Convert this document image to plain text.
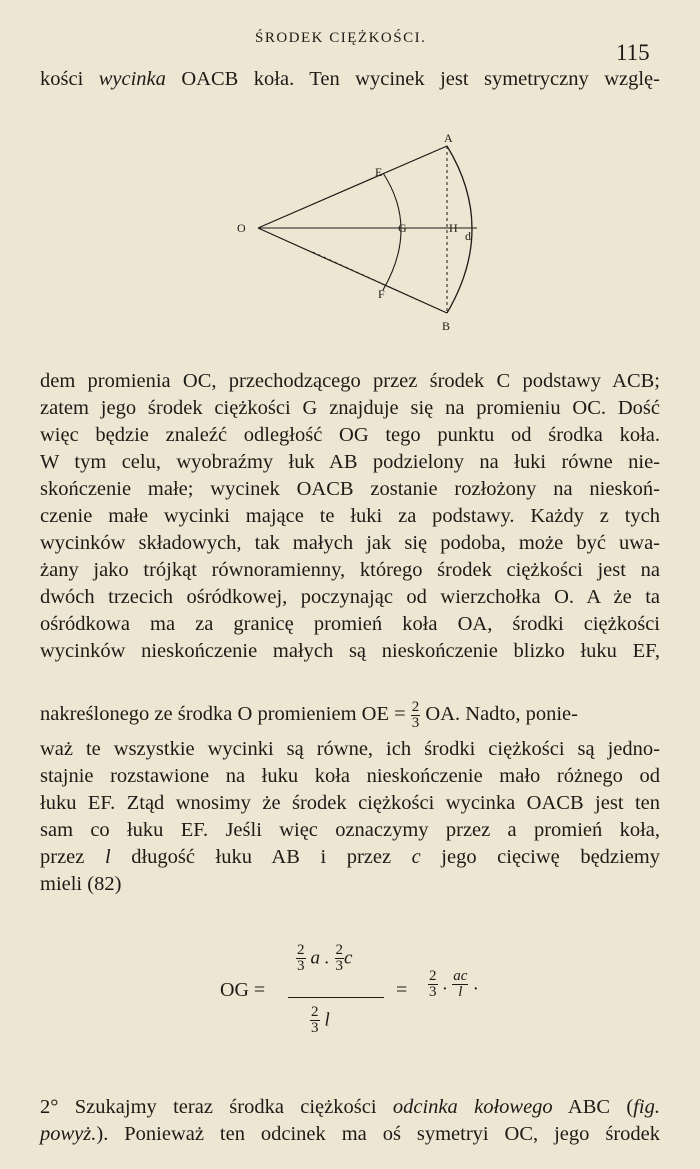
ŚRODEK CIĘŻKOŚCI.
115
kości wycinka OACB koła. Ten wycinek jest symetryczny wzglę-
A
E
O	G	H
d
F
B
dem promienia OC, przechodzącego przez środek C podstawy ACB;
zatem jego środek ciężkości G znajduje się na promieniu OC. Dość
więc będzie znaleźć odległość OG tego punktu od środka koła.
W tym celu, wyobraźmy łuk AB podzielony na łuki równe nie-
skończenie małe; wycinek OACB zostanie rozłożony na nieskoń-
czenie małe wycinki mające te łuki za podstawy. Każdy z tych
wycinków składowych, tak małych jak się podoba, może być uwa-
żany jako trójkąt równoramienny, którego środek ciężkości jest na
dwóch trzecich ośródkowej, poczynając od wierzchołka O. A że ta
ośródkowa ma za granicę promień koła OA, środki ciężkości
wycinków nieskończenie małych są nieskończenie blizko łuku EF,
nakreślonego ze środka O promieniem OE = $\frac{2}{3}$ OA. Nadto, ponie-
waż te wszystkie wycinki są równe, ich środki ciężkości są jedno-
stajnie rozstawione na łuku koła nieskończenie mało różnego od
łuku EF. Ztąd wnosimy że środek ciężkości wycinka OACB jest ten
sam co łuku EF. Jeśli więc oznaczymy przez a promień koła,
przez l długość łuku AB i przez c jego cięciwę będziemy
mieli (82)
OG =
$\frac{2}{3}$ a . $\frac{2}{3}$ c
$\frac{2}{3}$ l
= $\frac{2}{3}$ . $\frac{ac}{l}$ .
2° Szukajmy teraz środka ciężkości odcinka kołowego ABC (fig.
powyż.). Ponieważ ten odcinek ma oś symetryi OC, jego środek
